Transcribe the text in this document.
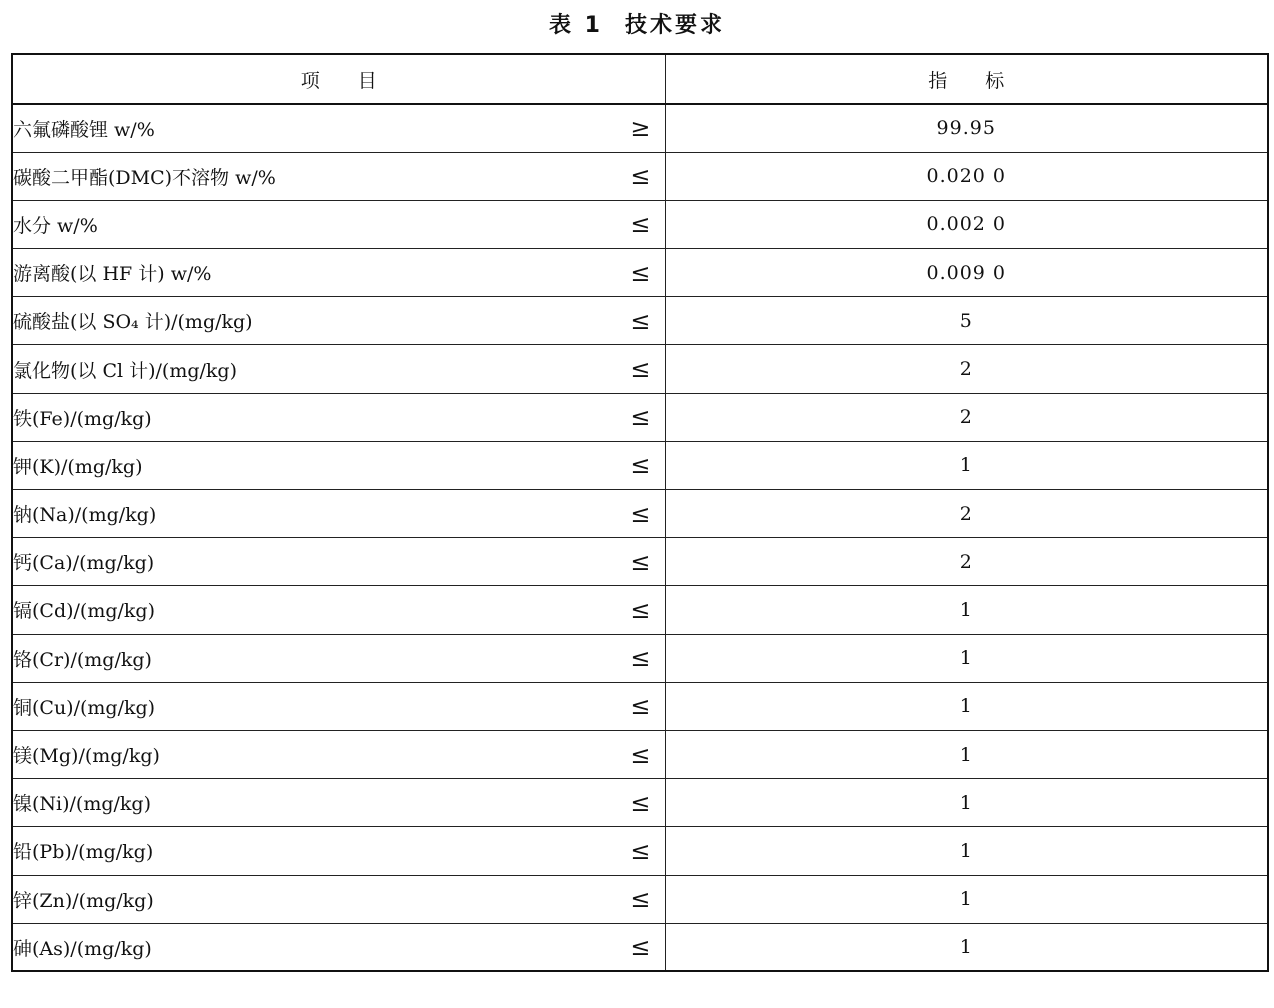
表 1 技术要求
项　　目	指　　标
六氟磷酸锂 w/% ≥	99.95
碳酸二甲酯(DMC)不溶物 w/% ≤	0.020 0
水分 w/% ≤	0.002 0
游离酸(以 HF 计) w/% ≤	0.009 0
硫酸盐(以 SO₄ 计)/(mg/kg) ≤	5
氯化物(以 Cl 计)/(mg/kg) ≤	2
铁(Fe)/(mg/kg) ≤	2
钾(K)/(mg/kg) ≤	1
钠(Na)/(mg/kg) ≤	2
钙(Ca)/(mg/kg) ≤	2
镉(Cd)/(mg/kg) ≤	1
铬(Cr)/(mg/kg) ≤	1
铜(Cu)/(mg/kg) ≤	1
镁(Mg)/(mg/kg) ≤	1
镍(Ni)/(mg/kg) ≤	1
铅(Pb)/(mg/kg) ≤	1
锌(Zn)/(mg/kg) ≤	1
砷(As)/(mg/kg) ≤	1
